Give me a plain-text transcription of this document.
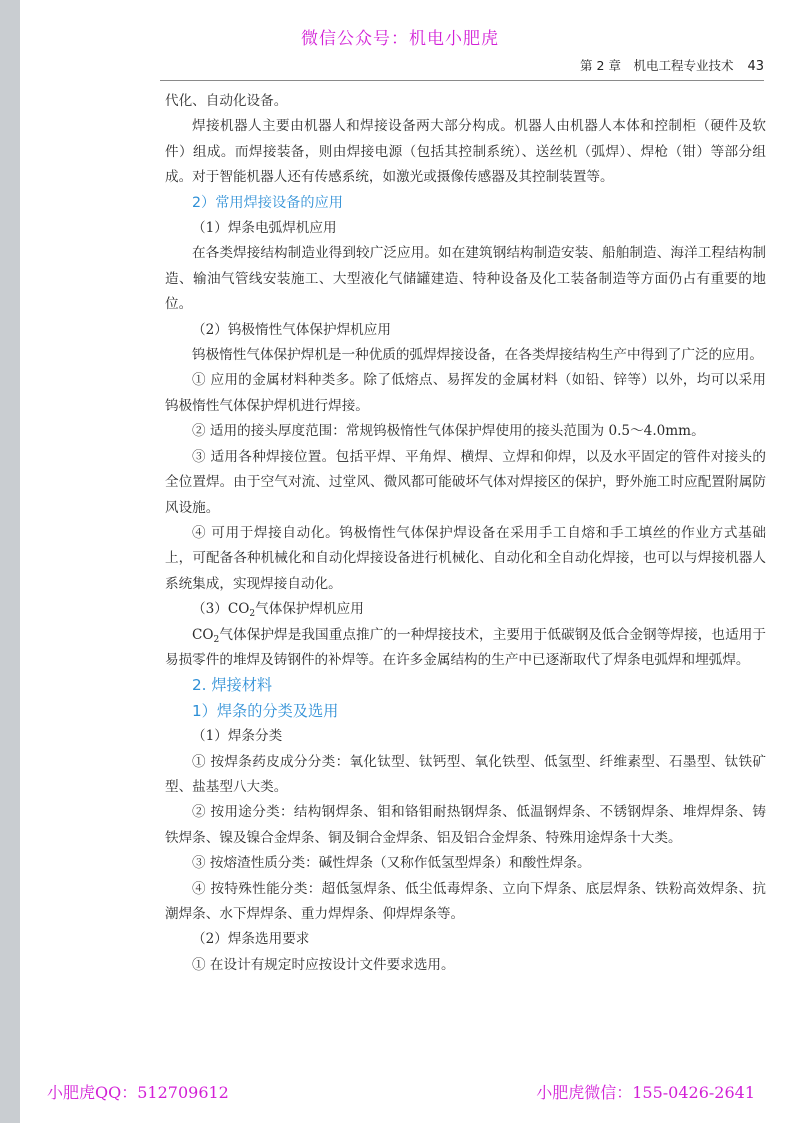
微信公众号：机电小肥虎
第 2 章　机电工程专业技术 43

代化、自动化设备。

焊接机器人主要由机器人和焊接设备两大部分构成。机器人由机器人本体和控制柜（硬件及软件）组成。而焊接装备，则由焊接电源（包括其控制系统）、送丝机（弧焊）、焊枪（钳）等部分组成。对于智能机器人还有传感系统，如激光或摄像传感器及其控制装置等。

2）常用焊接设备的应用

（1）焊条电弧焊机应用

在各类焊接结构制造业得到较广泛应用。如在建筑钢结构制造安装、船舶制造、海洋工程结构制造、输油气管线安装施工、大型液化气储罐建造、特种设备及化工装备制造等方面仍占有重要的地位。

（2）钨极惰性气体保护焊机应用

钨极惰性气体保护焊机是一种优质的弧焊焊接设备，在各类焊接结构生产中得到了广泛的应用。

① 应用的金属材料种类多。除了低熔点、易挥发的金属材料（如铅、锌等）以外，均可以采用钨极惰性气体保护焊机进行焊接。

② 适用的接头厚度范围：常规钨极惰性气体保护焊使用的接头范围为 0.5～4.0mm。

③ 适用各种焊接位置。包括平焊、平角焊、横焊、立焊和仰焊，以及水平固定的管件对接头的全位置焊。由于空气对流、过堂风、微风都可能破坏气体对焊接区的保护，野外施工时应配置附属防风设施。

④ 可用于焊接自动化。钨极惰性气体保护焊设备在采用手工自熔和手工填丝的作业方式基础上，可配备各种机械化和自动化焊接设备进行机械化、自动化和全自动化焊接，也可以与焊接机器人系统集成，实现焊接自动化。

$(3)CO_2$气体保护焊机应用

$CO_2$气体保护焊是我国重点推广的一种焊接技术，主要用于低碳钢及低合金钢等焊接，也适用于易损零件的堆焊及铸钢件的补焊等。在许多金属结构的生产中已逐渐取代了焊条电弧焊和埋弧焊。

2. 焊接材料

1）焊条的分类及选用

（1）焊条分类

① 按焊条药皮成分分类：氧化钛型、钛钙型、氧化铁型、低氢型、纤维素型、石墨型、钛铁矿型、盐基型八大类。

② 按用途分类：结构钢焊条、钼和铬钼耐热钢焊条、低温钢焊条、不锈钢焊条、堆焊焊条、铸铁焊条、镍及镍合金焊条、铜及铜合金焊条、铝及铝合金焊条、特殊用途焊条十大类。

③ 按熔渣性质分类：碱性焊条（又称作低氢型焊条）和酸性焊条。

④ 按特殊性能分类：超低氢焊条、低尘低毒焊条、立向下焊条、底层焊条、铁粉高效焊条、抗潮焊条、水下焊焊条、重力焊焊条、仰焊焊条等。

（2）焊条选用要求

① 在设计有规定时应按设计文件要求选用。

小肥虎QQ：512709612	小肥虎微信：155-0426-2641
